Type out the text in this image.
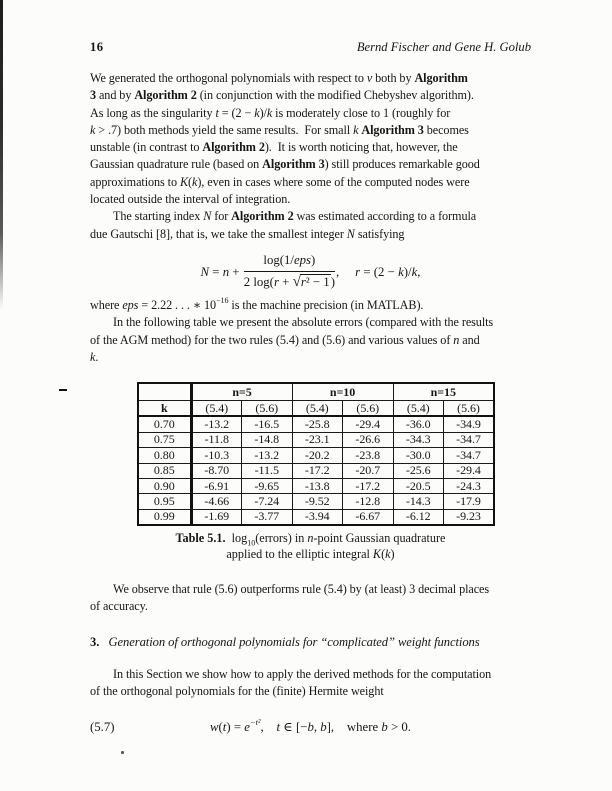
16	Bernd Fischer and Gene H. Golub
We generated the orthogonal polynomials with respect to v both by Algorithm
3 and by Algorithm 2 (in conjunction with the modified Chebyshev algorithm).
As long as the singularity t = (2 − k)/k is moderately close to 1 (roughly for
k > .7) both methods yield the same results.  For small k Algorithm 3 becomes
unstable (in contrast to Algorithm 2).  It is worth noticing that, however, the
Gaussian quadrature rule (based on Algorithm 3) still produces remarkable good
approximations to K(k), even in cases where some of the computed nodes were
located outside the interval of integration.
The starting index N for Algorithm 2 was estimated according to a formula
due Gautschi [8], that is, we take the smallest integer N satisfying
$N = n + \frac{\text{log(1/eps)}}{\text{2 log(r + √r² − 1)}}$ ,     r = (2 − k)/k,
where eps = 2.22 . . . ∗ $10^{-16}$ is the machine precision (in MATLAB).
In the following table we present the absolute errors (compared with the results
of the AGM method) for the two rules (5.4) and (5.6) and various values of n and
k.
	n=5		n=10		n=15	
k	(5.4)	(5.6)	(5.4)	(5.6)	(5.4)	(5.6)
0.70	-13.2	-16.5	-25.8	-29.4	-36.0	-34.9
0.75	-11.8	-14.8	-23.1	-26.6	-34.3	-34.7
0.80	-10.3	-13.2	-20.2	-23.8	-30.0	-34.7
0.85	-8.70	-11.5	-17.2	-20.7	-25.6	-29.4
0.90	-6.91	-9.65	-13.8	-17.2	-20.5	-24.3
0.95	-4.66	-7.24	-9.52	-12.8	-14.3	-17.9
0.99	-1.69	-3.77	-3.94	-6.67	-6.12	-9.23
Table 5.1.  $\log_{10}(errors)$ in n-point Gaussian quadrature
applied to the elliptic integral K(k)
We observe that rule (5.6) outperforms rule (5.4) by (at least) 3 decimal places
of accuracy.
3. Generation of orthogonal polynomials for “complicated” weight functions
In this Section we show how to apply the derived methods for the computation
of the orthogonal polynomials for the (finite) Hermite weight
(5.7)	$w(t) = e^{-t^2}$,    t ∈ [−b, b],    where b > 0.
